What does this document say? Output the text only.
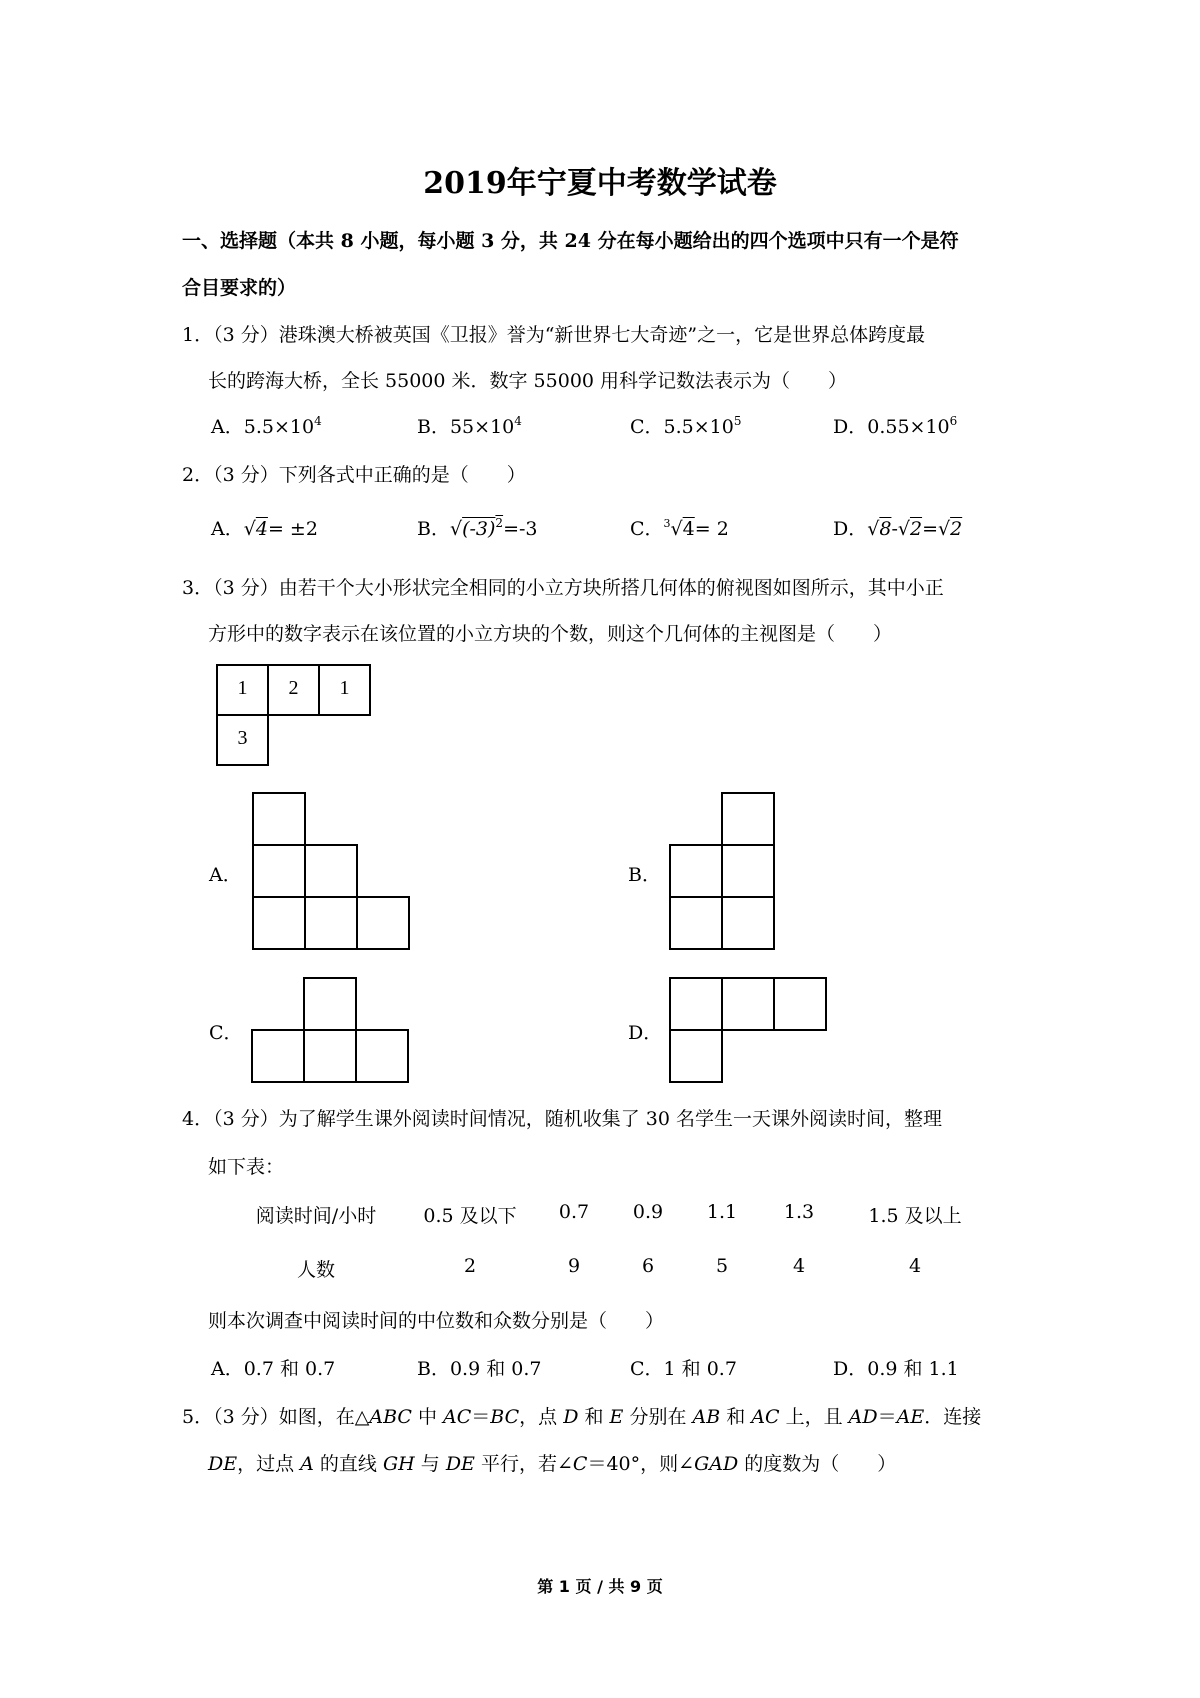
2019年宁夏中考数学试卷
一、选择题（本共 8 小题，每小题 3 分，共 24 分在每小题给出的四个选项中只有一个是符
合目要求的）
1．（3 分）港珠澳大桥被英国《卫报》誉为“新世界七大奇迹”之一，它是世界总体跨度最
长的跨海大桥，全长 55000 米．数字 55000 用科学记数法表示为（　　）
A．$5.5\times 10^4$	B．$55\times 10^4$	C．$5.5\times 10^5$	D．$0.55\times 10^6$
2．（3 分）下列各式中正确的是（　　）
A．√4= ±2	B．$√(-3)^2=-3$	C．$^3$√4= 2	D．√8-√2=√2
3．（3 分）由若干个大小形状完全相同的小立方块所搭几何体的俯视图如图所示，其中小正
方形中的数字表示在该位置的小立方块的个数，则这个几何体的主视图是（　　）
1	2	1
3
A．	B．
C．	D．
4．（3 分）为了解学生课外阅读时间情况，随机收集了 30 名学生一天课外阅读时间，整理
如下表：
阅读时间/小时	0.5 及以下	0.7	0.9	1.1	1.3	1.5 及以上
人数	2	9	6	5	4	4
则本次调查中阅读时间的中位数和众数分别是（　　）
A．0.7 和 0.7	B．0.9 和 0.7	C．1 和 0.7	D．0.9 和 1.1
5．（3 分）如图，在△ABC 中 AC＝BC，点 D 和 E 分别在 AB 和 AC 上，且 AD＝AE．连接
DE，过点 A 的直线 GH 与 DE 平行，若∠C＝40°，则∠GAD 的度数为（　　）
第 1 页 / 共 9 页
